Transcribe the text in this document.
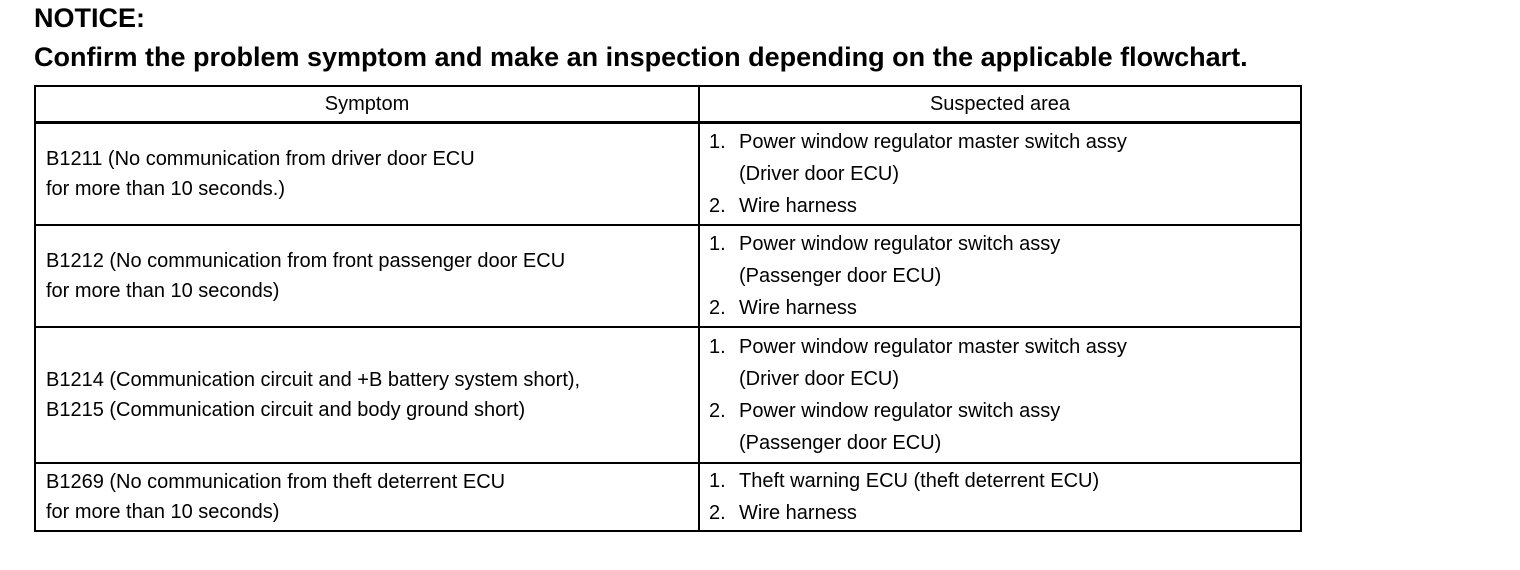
NOTICE:
Confirm the problem symptom and make an inspection depending on the applicable flowchart.
Symptom	Suspected area

B1211 (No communication from driver door ECU
for more than 10 seconds.)	1. Power window regulator master switch assy
(Driver door ECU)
2. Wire harness

B1212 (No communication from front passenger door ECU
for more than 10 seconds)	1. Power window regulator switch assy
(Passenger door ECU)
2. Wire harness

B1214 (Communication circuit and +B battery system short),
B1215 (Communication circuit and body ground short)	1. Power window regulator master switch assy
(Driver door ECU)
2. Power window regulator switch assy
(Passenger door ECU)

B1269 (No communication from theft deterrent ECU
for more than 10 seconds)	1. Theft warning ECU (theft deterrent ECU)
2. Wire harness
